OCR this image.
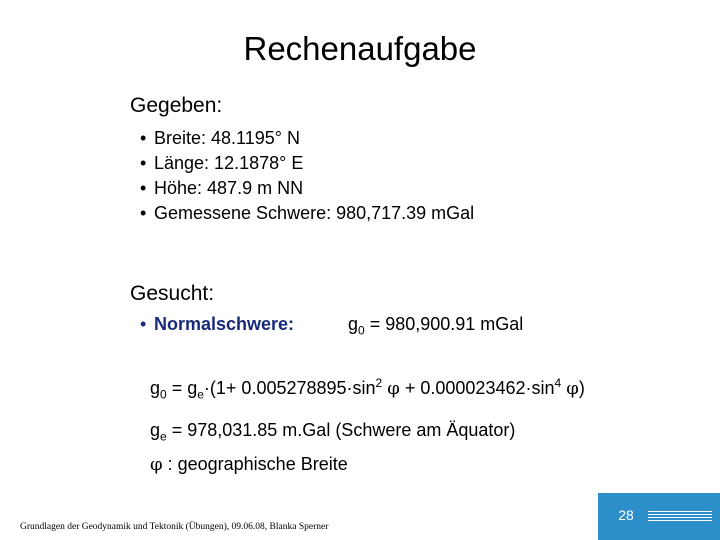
Rechenaufgabe
Gegeben:
• Breite: 48.1195° N
• Länge: 12.1878° E
• Höhe: 487.9 m NN
• Gemessene Schwere: 980,717.39 mGal
Gesucht:
• Normalschwere:	$g_0 = 980,900.91$ mGal
$g_0 = g_e\cdot(1+ 0.005278895\cdot\sin^2$ $\varphi + 0.000023462\cdot\sin^4$ φ)
$g_e = 978,031.85$ m.Gal (Schwere am Äquator)
φ : geographische Breite
Grundlagen der Geodynamik und Tektonik (Übungen), 09.06.08, Blanka Sperner
28
